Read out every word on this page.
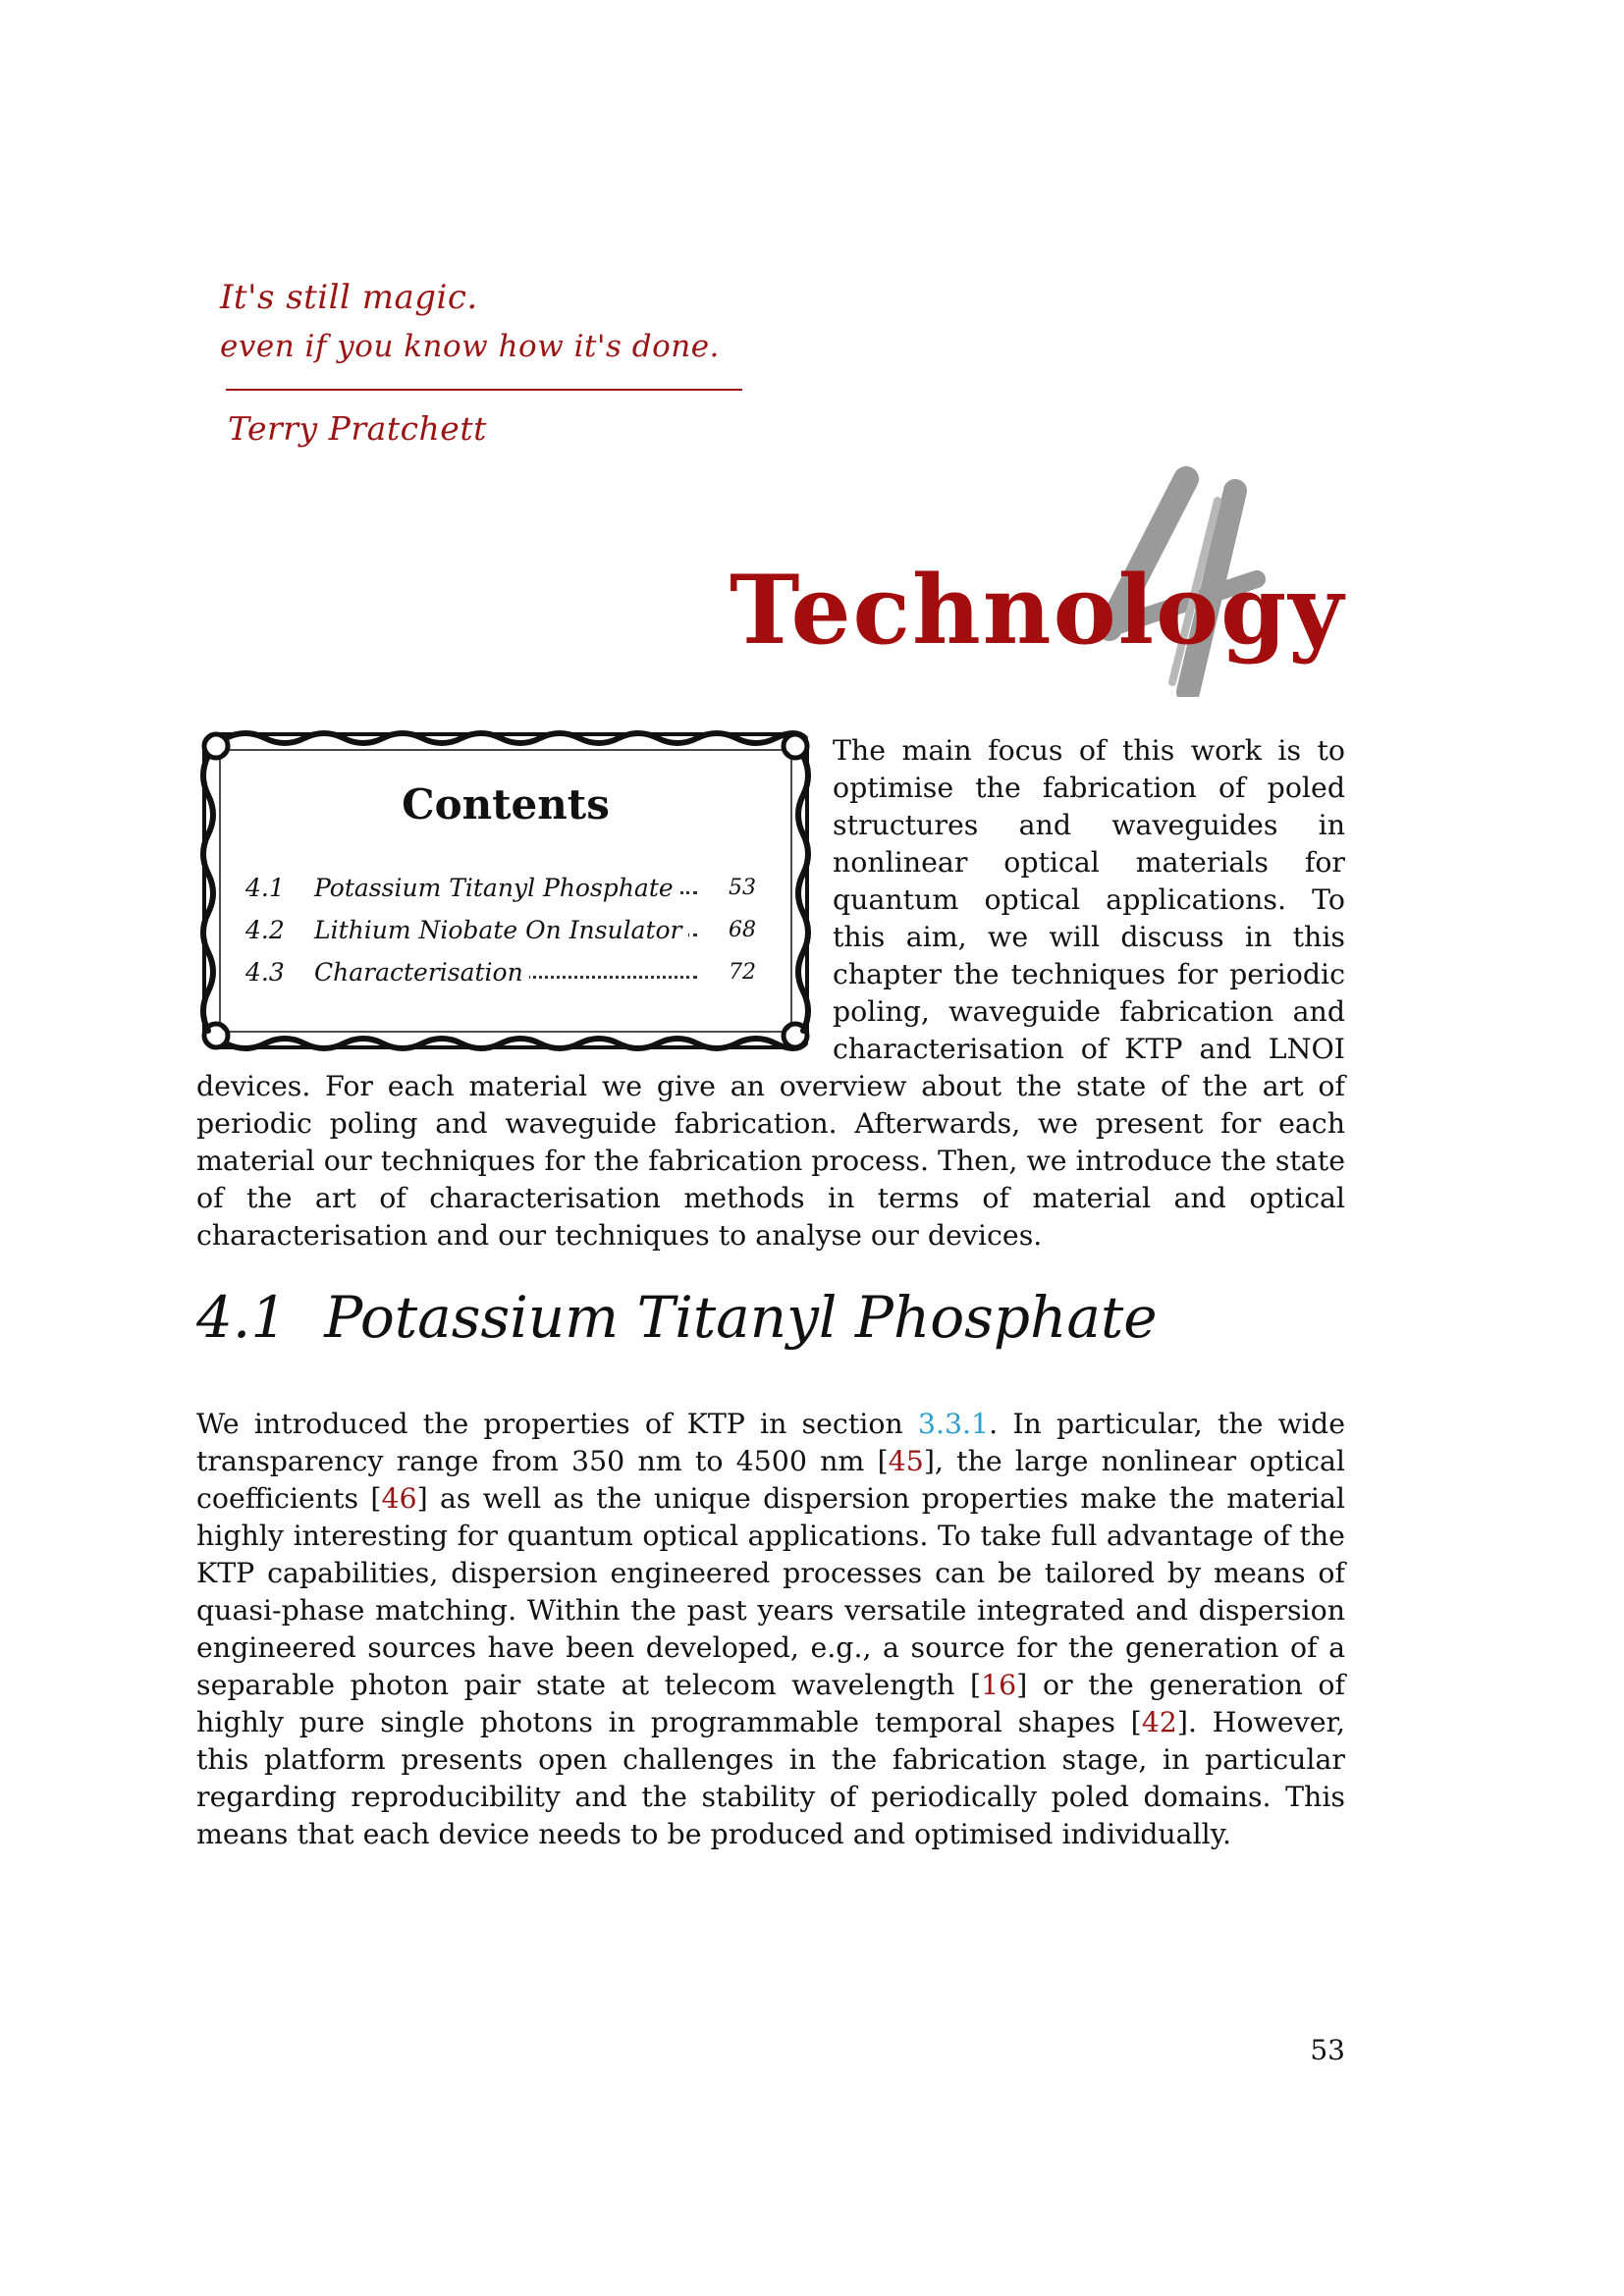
It's still magic.
even if you know how it's done.
Terry Pratchett
Technology
Contents
4.1 Potassium Titanyl Phosphate	53
4.2 Lithium Niobate On Insulator 68
4.3 Characterisation	72
The main focus of this work is to optimise the fabrication of poled structures and waveguides in nonlinear optical materials for quantum optical applications. To this aim, we will discuss in this chapter the techniques for periodic poling, waveguide fabrication and characterisation of KTP and LNOI devices. For each material we give an overview about the state of the art of periodic poling and waveguide fabrication. Afterwards, we present for each material our techniques for the fabrication process. Then, we introduce the state of the art of characterisation methods in terms of material and optical characterisation and our techniques to analyse our devices.
4.1 Potassium Titanyl Phosphate
We introduced the properties of KTP in section 3.3.1. In particular, the wide transparency range from 350 nm to 4500 nm [45], the large nonlinear optical coefficients [46] as well as the unique dispersion properties make the material highly interesting for quantum optical applications. To take full advantage of the KTP capabilities, dispersion engineered processes can be tailored by means of quasi-phase matching. Within the past years versatile integrated and dispersion engineered sources have been developed, e.g., a source for the generation of a separable photon pair state at telecom wavelength [16] or the generation of highly pure single photons in programmable temporal shapes [42]. However, this platform presents open challenges in the fabrication stage, in particular regarding reproducibility and the stability of periodically poled domains. This means that each device needs to be produced and optimised individually.
53
